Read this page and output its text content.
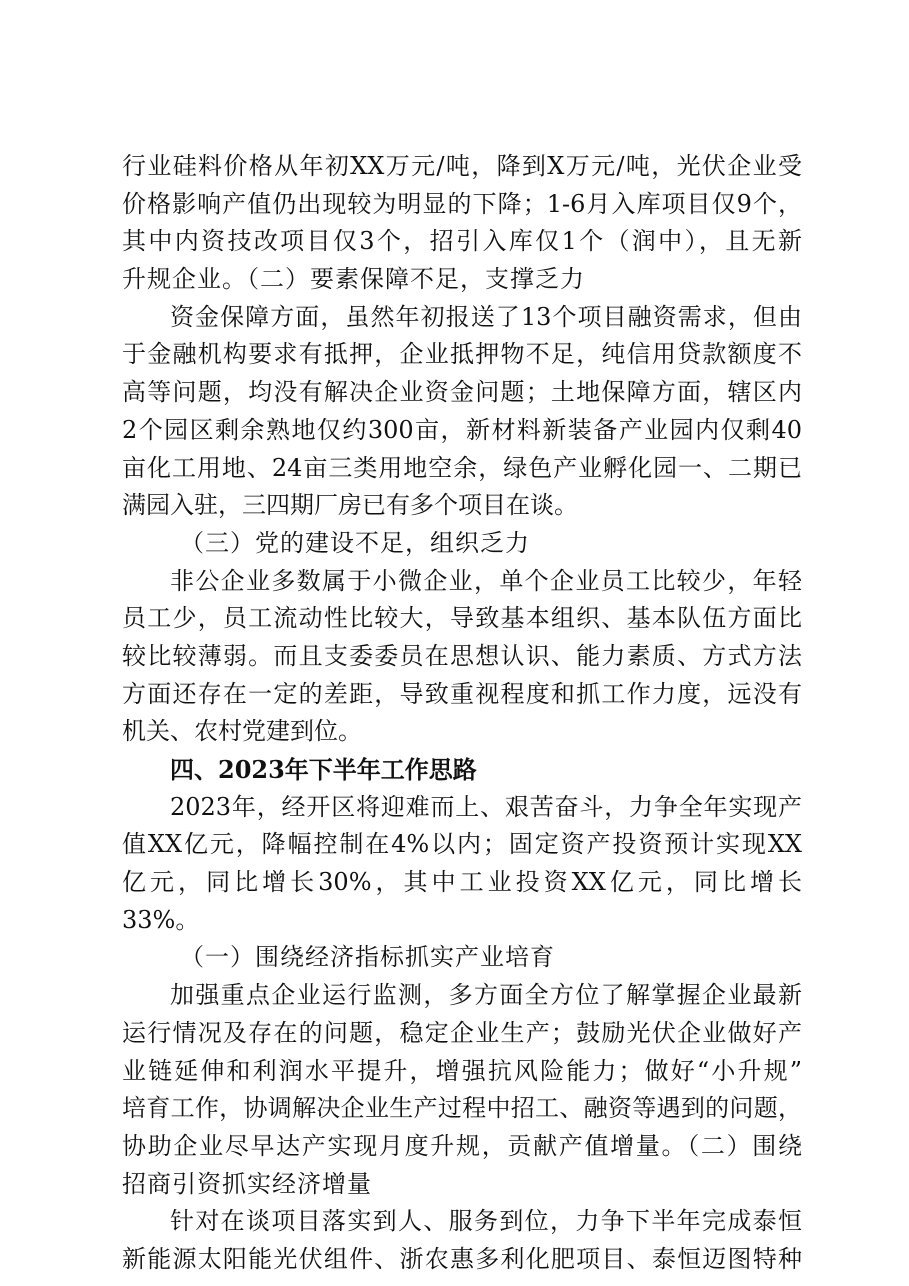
行业硅料价格从年初XX万元/吨，降到X万元/吨，光伏企业受
价格影响产值仍出现较为明显的下降；1-6月入库项目仅9个，
其中内资技改项目仅3个，招引入库仅1个（润中），且无新
升规企业。（二）要素保障不足，支撑乏力
资金保障方面，虽然年初报送了13个项目融资需求，但由
于金融机构要求有抵押，企业抵押物不足，纯信用贷款额度不
高等问题，均没有解决企业资金问题；土地保障方面，辖区内
2个园区剩余熟地仅约300亩，新材料新装备产业园内仅剩40
亩化工用地、24亩三类用地空余，绿色产业孵化园一、二期已
满园入驻，三四期厂房已有多个项目在谈。
（三）党的建设不足，组织乏力
非公企业多数属于小微企业，单个企业员工比较少，年轻
员工少，员工流动性比较大，导致基本组织、基本队伍方面比
较比较薄弱。而且支委委员在思想认识、能力素质、方式方法
方面还存在一定的差距，导致重视程度和抓工作力度，远没有
机关、农村党建到位。
四、2023年下半年工作思路
2023年，经开区将迎难而上、艰苦奋斗，力争全年实现产
值XX亿元，降幅控制在4%以内；固定资产投资预计实现XX
亿元，同比增长30%，其中工业投资XX亿元，同比增长
33%。
（一）围绕经济指标抓实产业培育
加强重点企业运行监测，多方面全方位了解掌握企业最新
运行情况及存在的问题，稳定企业生产；鼓励光伏企业做好产
业链延伸和利润水平提升，增强抗风险能力；做好“小升规”
培育工作，协调解决企业生产过程中招工、融资等遇到的问题，
协助企业尽早达产实现月度升规，贡献产值增量。（二）围绕
招商引资抓实经济增量
针对在谈项目落实到人、服务到位，力争下半年完成泰恒
新能源太阳能光伏组件、浙农惠多利化肥项目、泰恒迈图特种
